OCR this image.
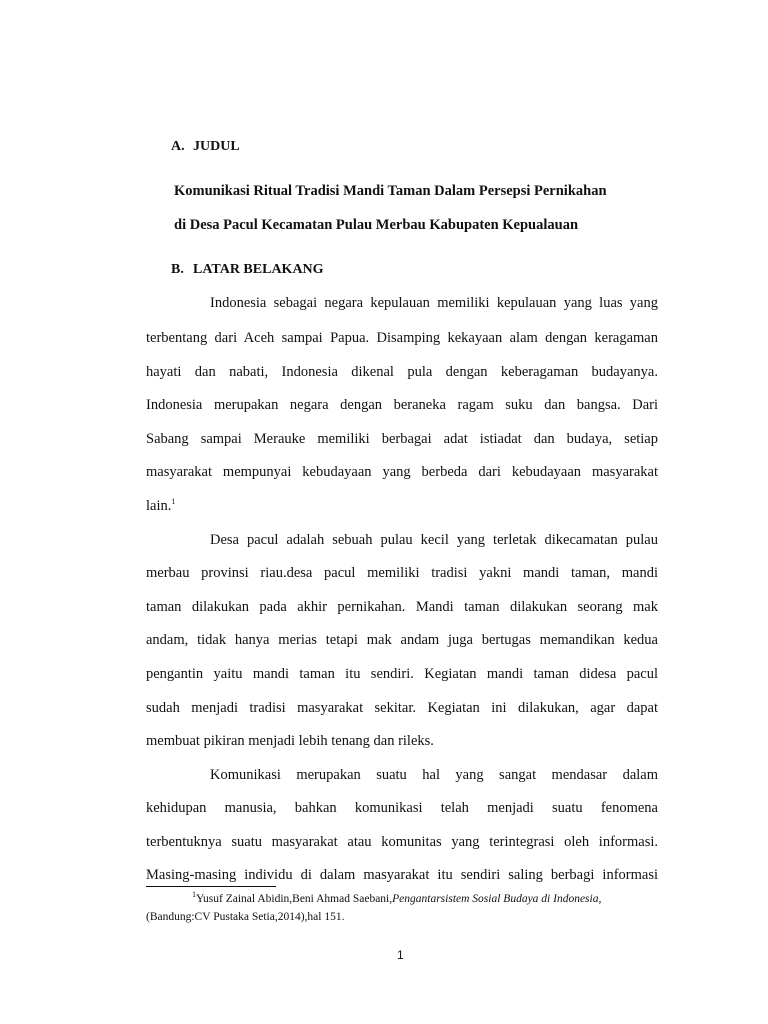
A. JUDUL

Komunikasi Ritual Tradisi Mandi Taman Dalam Persepsi Pernikahan

di Desa Pacul Kecamatan Pulau Merbau Kabupaten Kepualauan

B. LATAR BELAKANG

Indonesia sebagai negara kepulauan memiliki kepulauan yang luas yang

terbentang dari Aceh sampai Papua. Disamping kekayaan alam dengan keragaman

hayati dan nabati, Indonesia dikenal pula dengan keberagaman budayanya.

Indonesia merupakan negara dengan beraneka ragam suku dan bangsa. Dari

Sabang sampai Merauke memiliki berbagai adat istiadat dan budaya, setiap

masyarakat mempunyai kebudayaan yang berbeda dari kebudayaan masyarakat

lain.$^1$

Desa pacul adalah sebuah pulau kecil yang terletak dikecamatan pulau

merbau provinsi riau.desa pacul memiliki tradisi yakni mandi taman, mandi

taman dilakukan pada akhir pernikahan. Mandi taman dilakukan seorang mak

andam, tidak hanya merias tetapi mak andam juga bertugas memandikan kedua

pengantin yaitu mandi taman itu sendiri. Kegiatan mandi taman didesa pacul

sudah menjadi tradisi masyarakat sekitar. Kegiatan ini dilakukan, agar dapat

membuat pikiran menjadi lebih tenang dan rileks.

Komunikasi merupakan suatu hal yang sangat mendasar dalam

kehidupan manusia, bahkan komunikasi telah menjadi suatu fenomena

terbentuknya suatu masyarakat atau komunitas yang terintegrasi oleh informasi.

Masing-masing individu di dalam masyarakat itu sendiri saling berbagi informasi

$^1$Yusuf Zainal Abidin,Beni Ahmad Saebani,Pengantarsistem Sosial Budaya di Indonesia,

(Bandung:CV Pustaka Setia,2014),hal 151.

1
